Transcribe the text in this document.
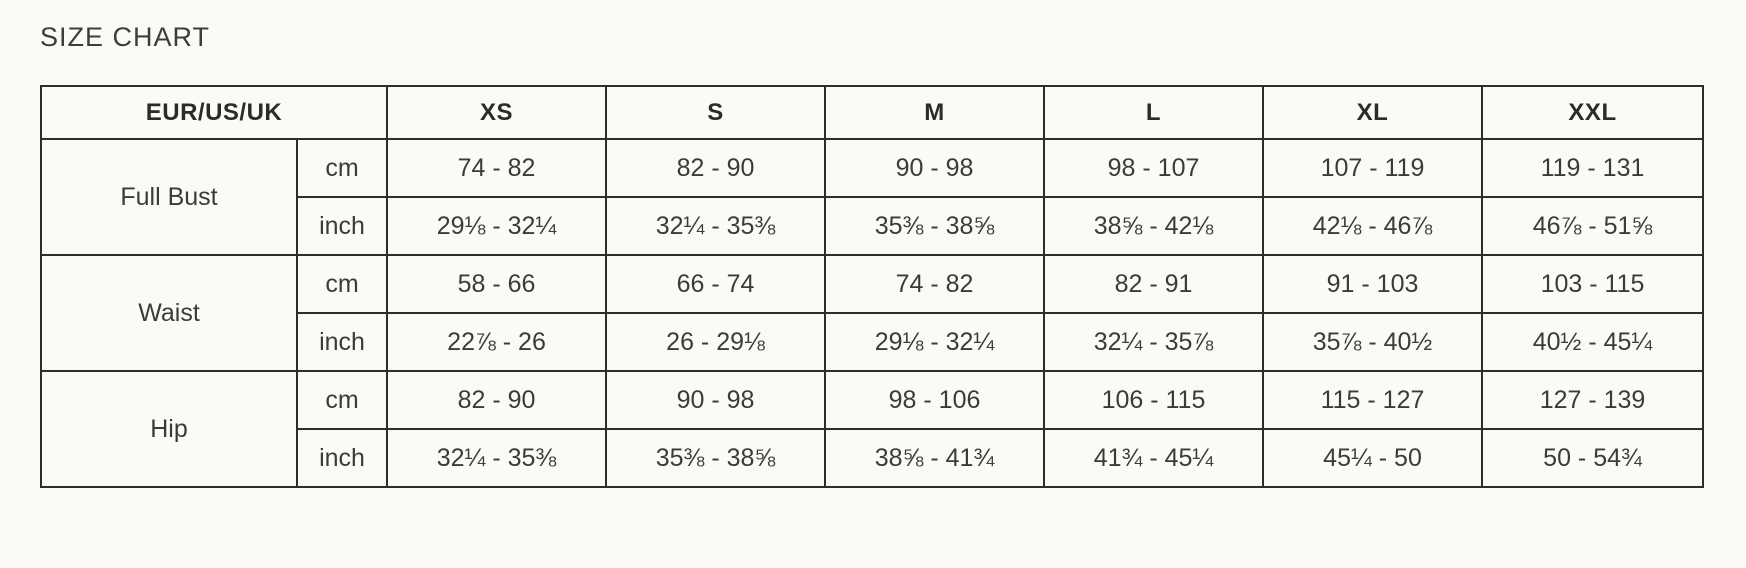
SIZE CHART
EUR/US/UK		XS	S	M	L	XL	XXL
Full Bust	cm	74 - 82	82 - 90	90 - 98	98 - 107	107 - 119	119 - 131
	inch	29⅛ - 32¼	32¼ - 35⅜	35⅜ - 38⅝	38⅝ - 42⅛	42⅛ - 46⅞	46⅞ - 51⅝
Waist	cm	58 - 66	66 - 74	74 - 82	82 - 91	91 - 103	103 - 115
	inch	22⅞ - 26	26 - 29⅛	29⅛ - 32¼	32¼ - 35⅞	35⅞ - 40½	40½ - 45¼
Hip	cm	82 - 90	90 - 98	98 - 106	106 - 115	115 - 127	127 - 139
	inch	32¼ - 35⅜	35⅜ - 38⅝	38⅝ - 41¾	41¾ - 45¼	45¼ - 50	50 - 54¾
